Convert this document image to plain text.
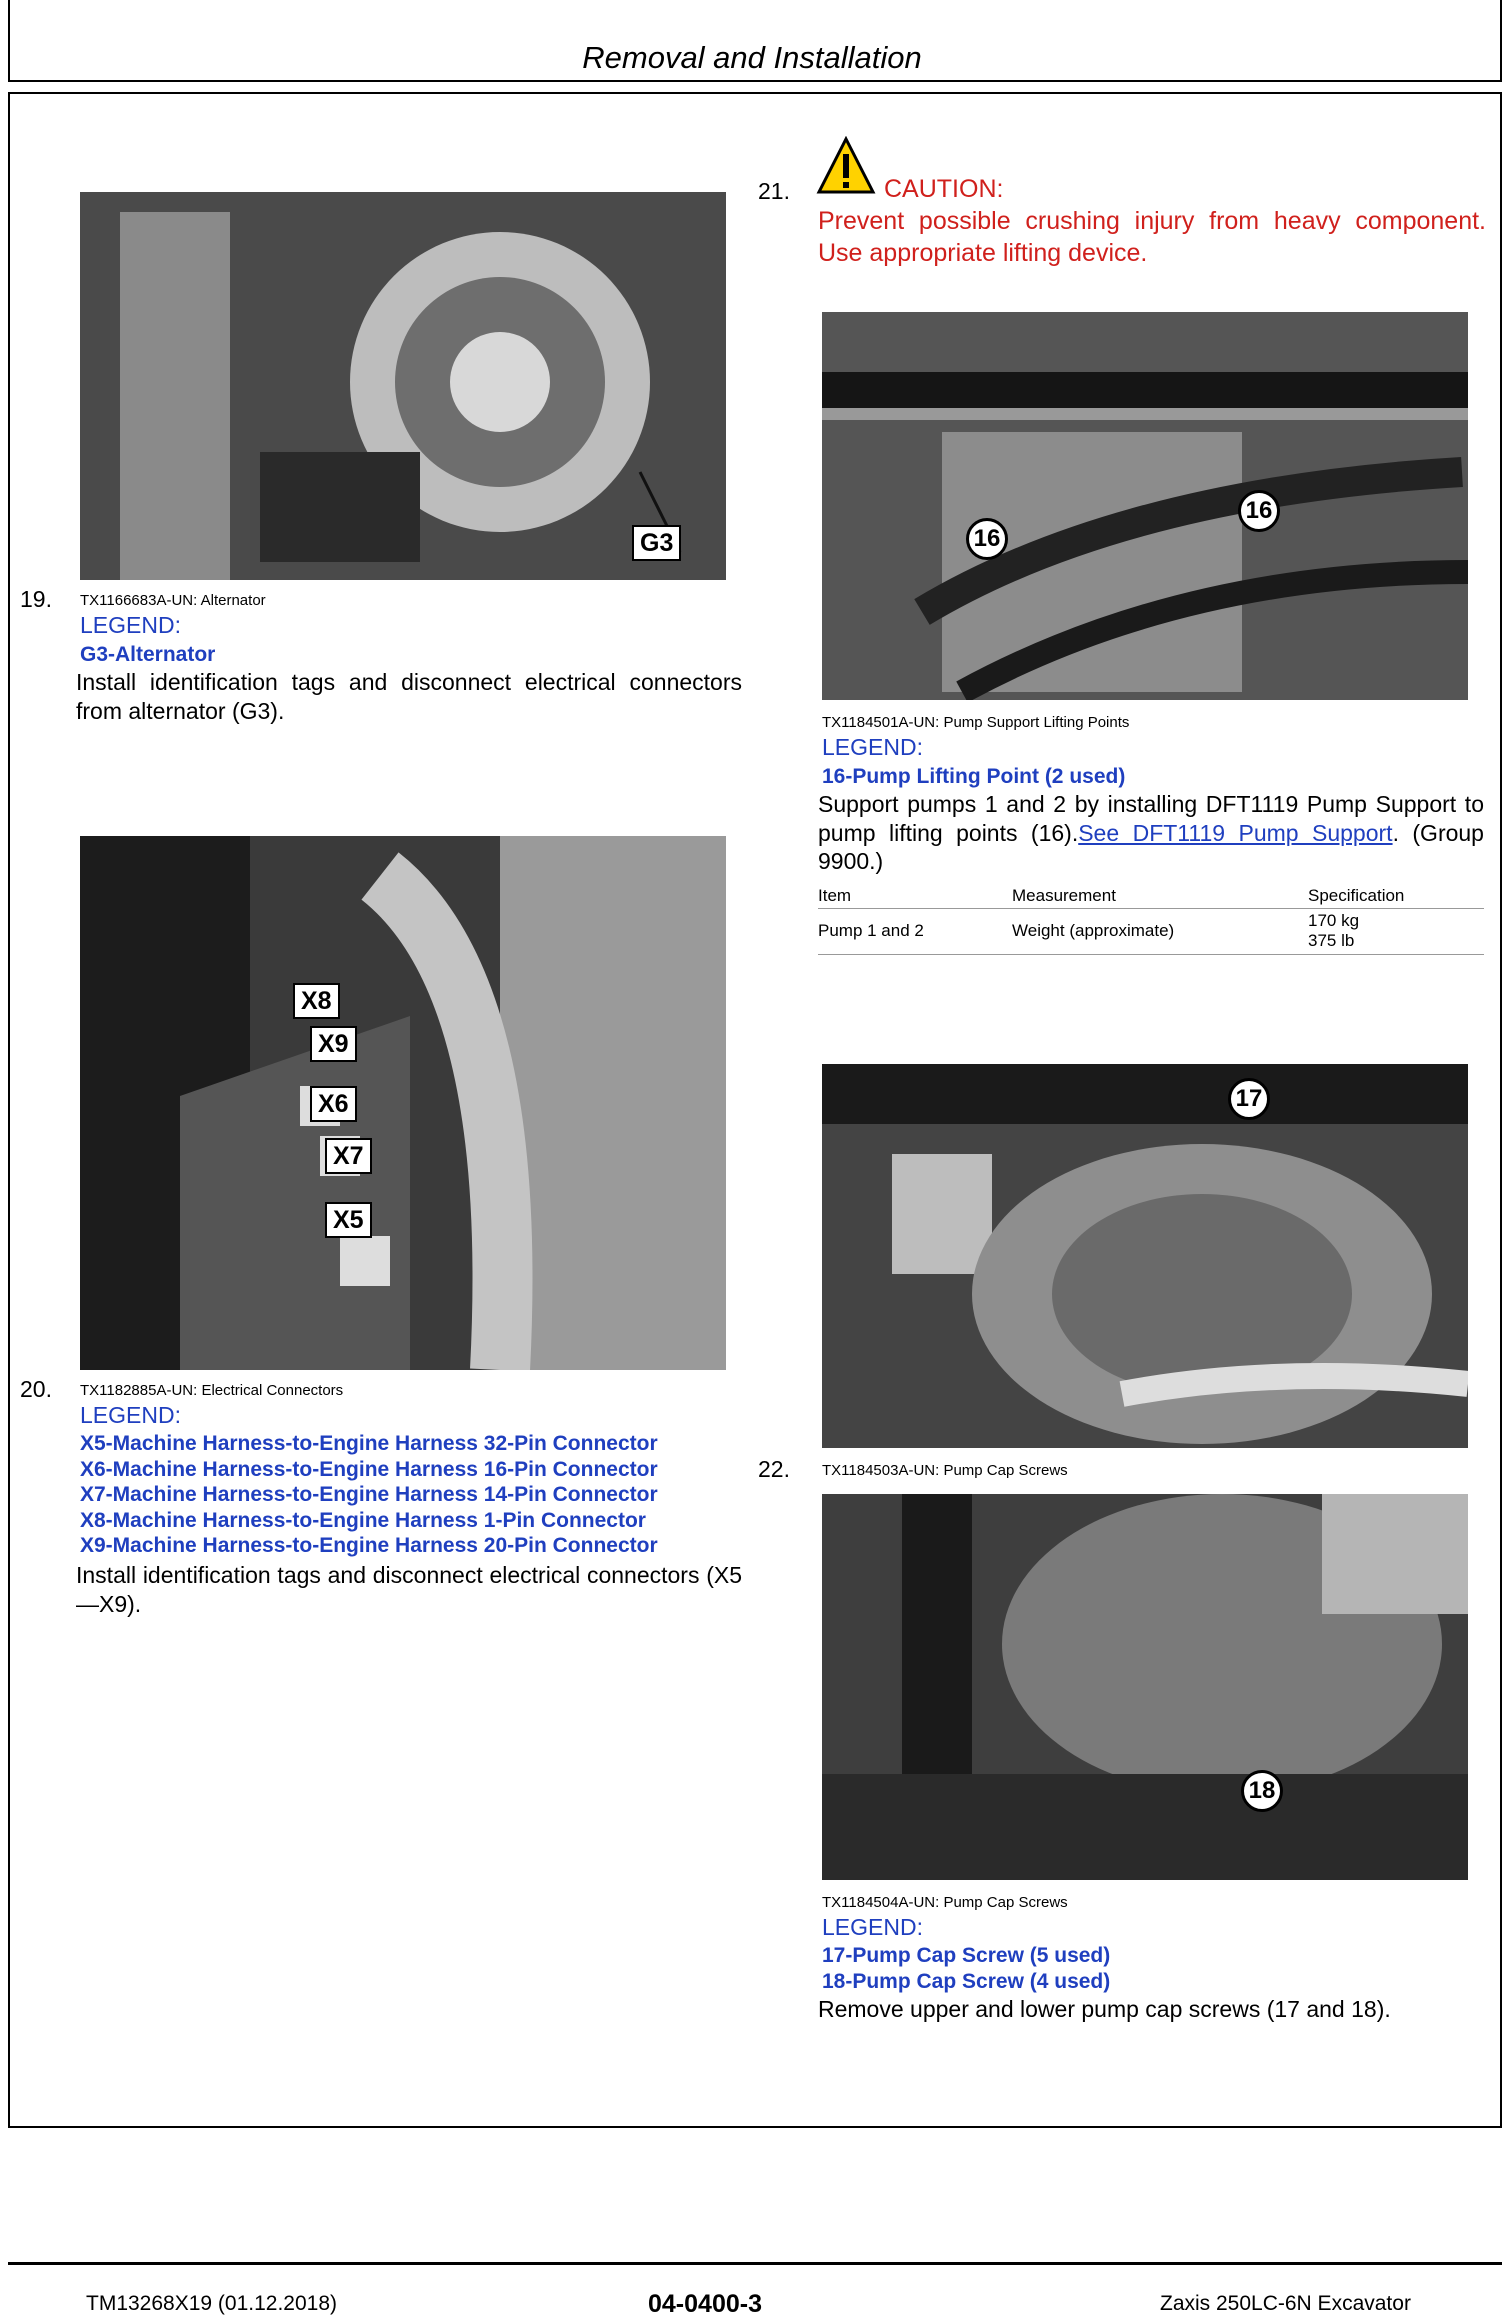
Removal and Installation
G3
19. TX1166683A-UN: Alternator
LEGEND:
G3-Alternator
Install identification tags and disconnect electrical connectors from alternator (G3).
X8
X9
X6
X7
X5
20. TX1182885A-UN: Electrical Connectors
LEGEND:
X5-Machine Harness-to-Engine Harness 32-Pin Connector
X6-Machine Harness-to-Engine Harness 16-Pin Connector
X7-Machine Harness-to-Engine Harness 14-Pin Connector
X8-Machine Harness-to-Engine Harness 1-Pin Connector
X9-Machine Harness-to-Engine Harness 20-Pin Connector
Install identification tags and disconnect electrical connectors (X5—X9).
21.	CAUTION:
Prevent possible crushing injury from heavy component. Use appropriate lifting device.
16
16
TX1184501A-UN: Pump Support Lifting Points
LEGEND:
16-Pump Lifting Point (2 used)
Support pumps 1 and 2 by installing DFT1119 Pump Support to pump lifting points (16).See DFT1119 Pump Support. (Group 9900.)
Item	Measurement	Specification
Pump 1 and 2	Weight (approximate)	170 kg
375 lb
17
22. TX1184503A-UN: Pump Cap Screws
18
TX1184504A-UN: Pump Cap Screws
LEGEND:
17-Pump Cap Screw (5 used)
18-Pump Cap Screw (4 used)
Remove upper and lower pump cap screws (17 and 18).
TM13268X19 (01.12.2018)	04-0400-3	Zaxis 250LC-6N Excavator
